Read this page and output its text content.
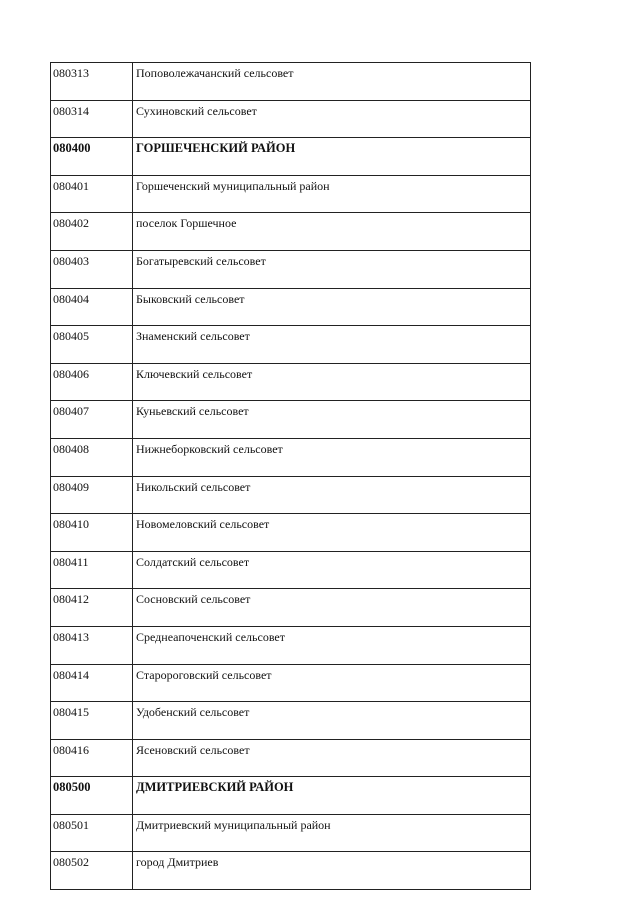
080313	Поповолежачанский сельсовет
080314	Сухиновский сельсовет
080400	ГОРШЕЧЕНСКИЙ РАЙОН
080401	Горшеченский муниципальный район
080402	поселок Горшечное
080403	Богатыревский сельсовет
080404	Быковский сельсовет
080405	Знаменский сельсовет
080406	Ключевский сельсовет
080407	Куньевский сельсовет
080408	Нижнеборковский сельсовет
080409	Никольский сельсовет
080410	Новомеловский сельсовет
080411	Солдатский сельсовет
080412	Сосновский сельсовет
080413	Среднеапоченский сельсовет
080414	Старороговский сельсовет
080415	Удобенский сельсовет
080416	Ясеновский сельсовет
080500	ДМИТРИЕВСКИЙ РАЙОН
080501	Дмитриевский муниципальный район
080502	город Дмитриев
